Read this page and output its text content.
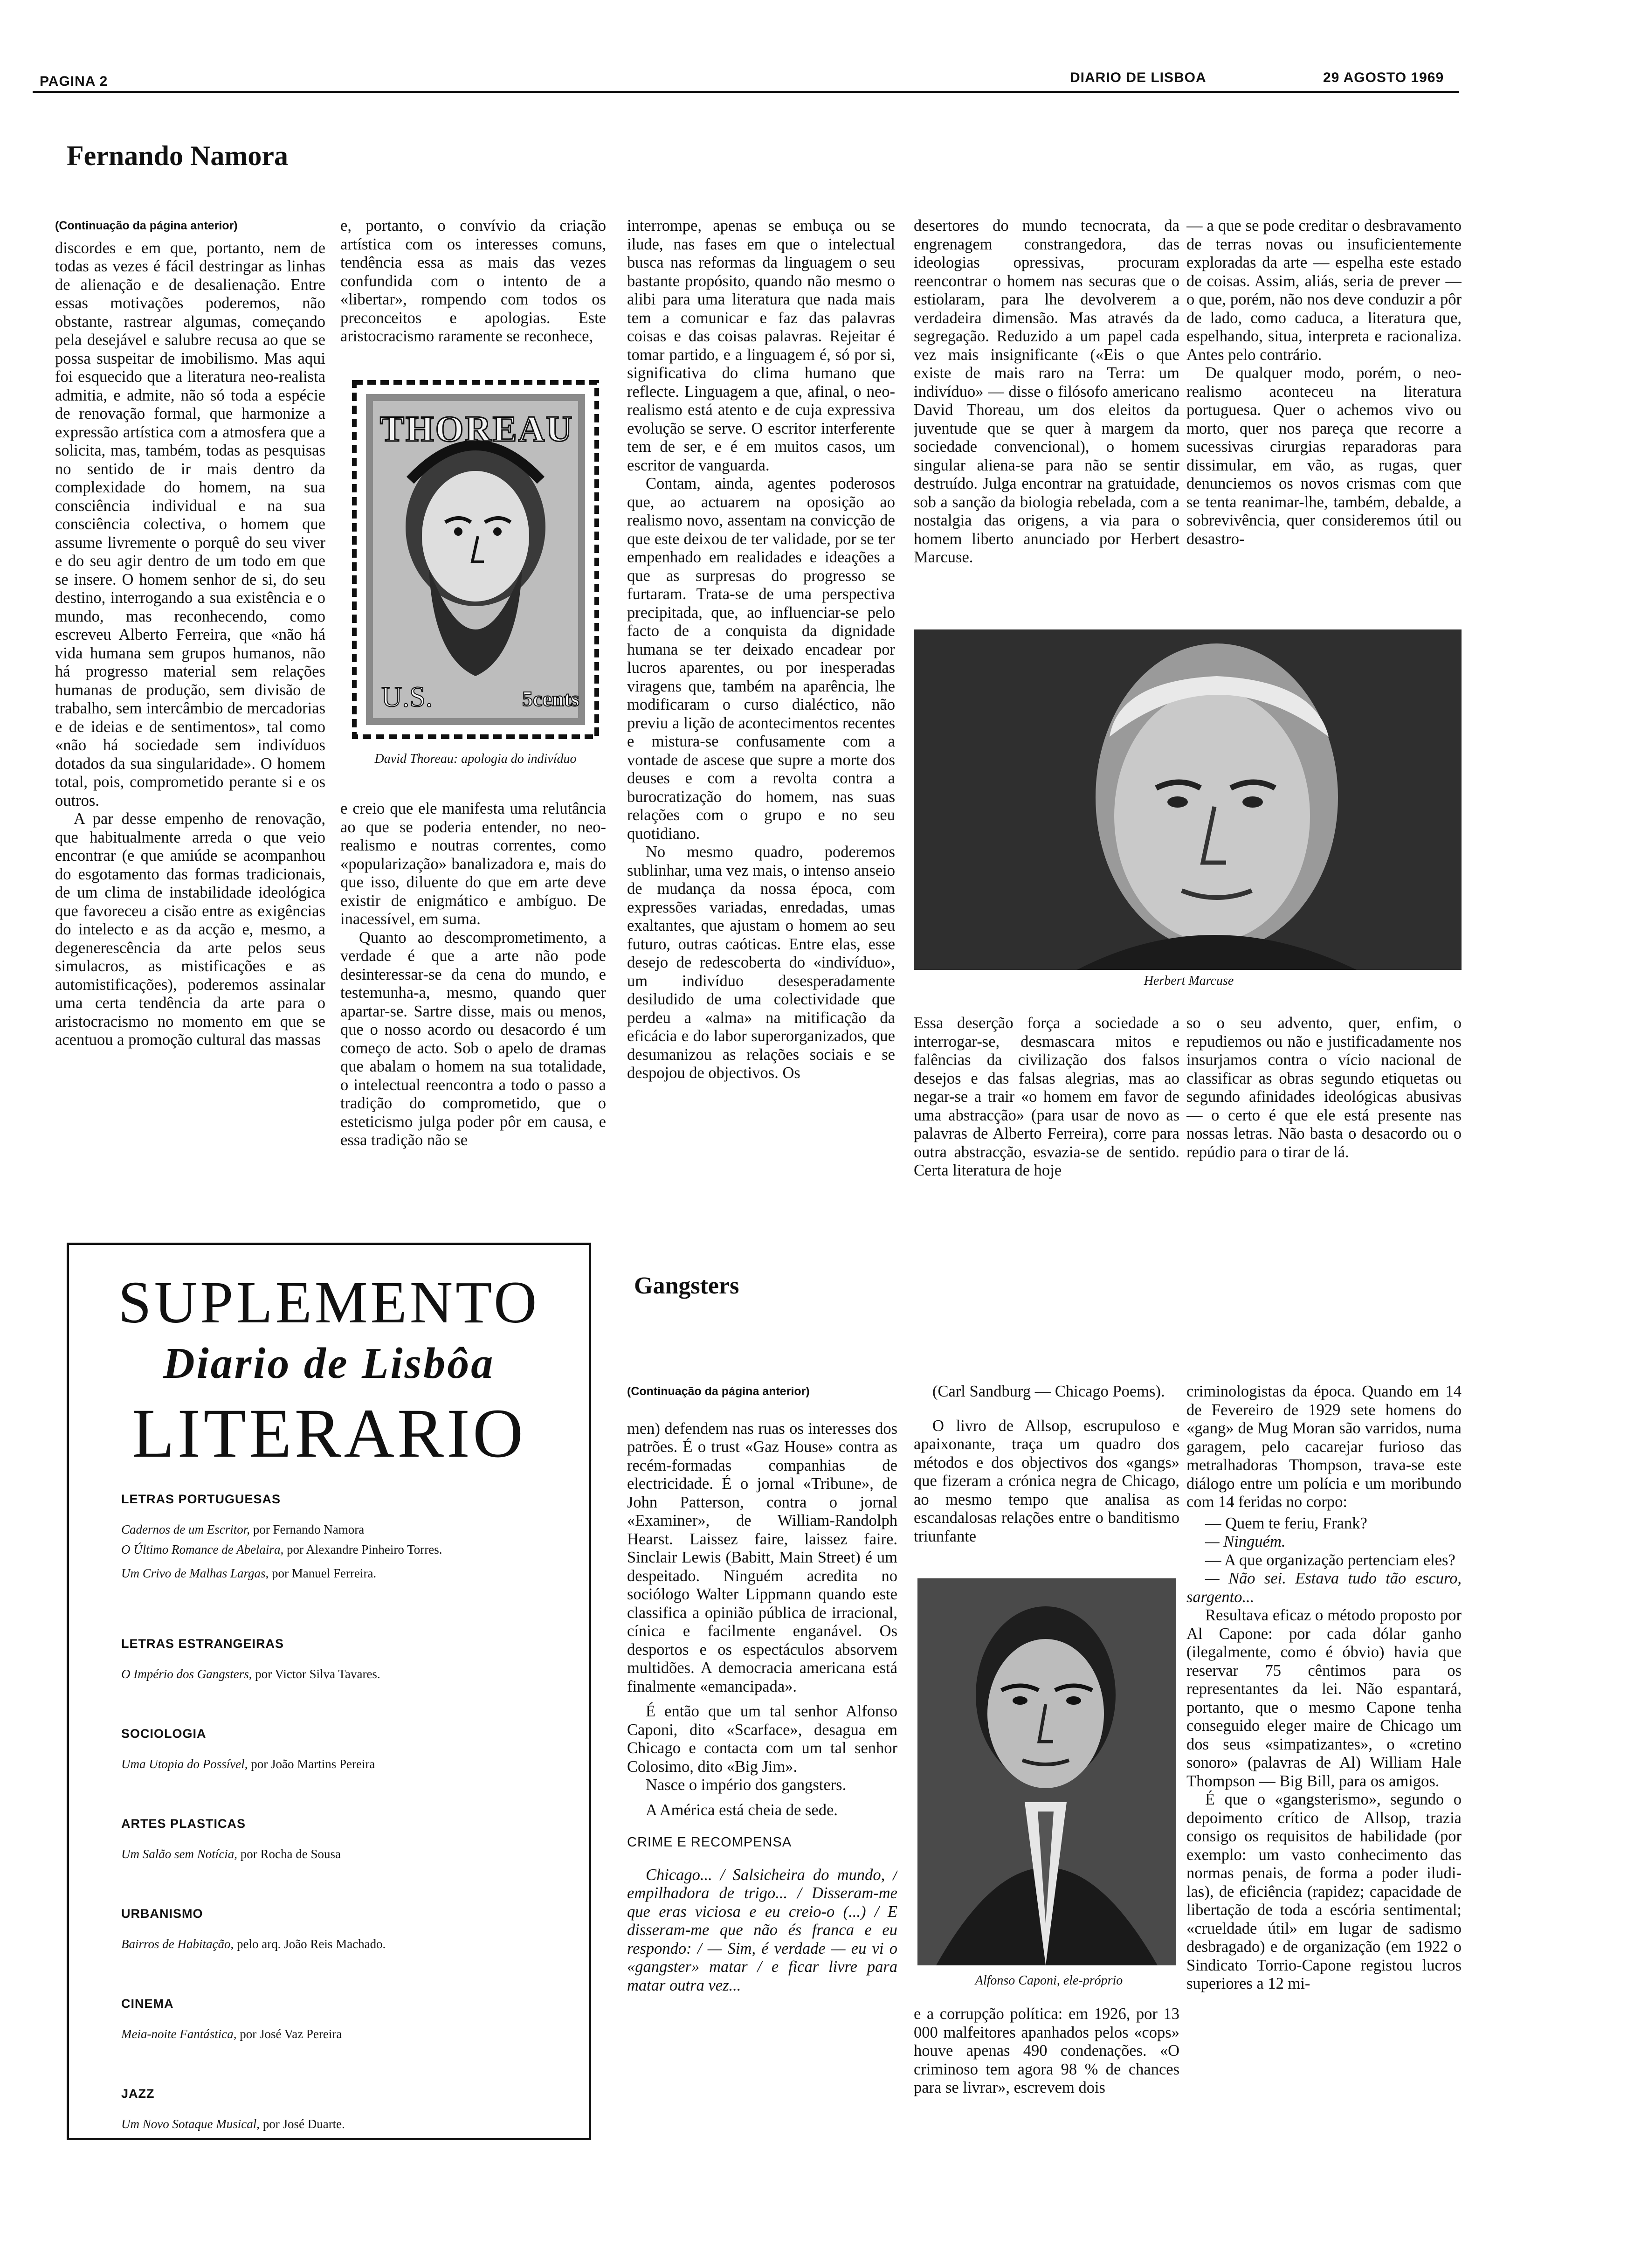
PAGINA 2	DIARIO DE LISBOA	29 AGOSTO 1969
Fernando Namora
(Continuação da página anterior)

discordes e em que, portanto, nem de todas as vezes é fácil destringar as linhas de alienação e de desalienação. Entre essas motivações poderemos, não obstante, rastrear algumas, começando pela desejável e salubre recusa ao que se possa suspeitar de imobilismo. Mas aqui foi esquecido que a literatura neo-realista admitia, e admite, não só toda a espécie de renovação formal, que harmonize a expressão artística com a atmosfera que a solicita, mas, também, todas as pesquisas no sentido de ir mais dentro da complexidade do homem, na sua consciência individual e na sua consciência colectiva, o homem que assume livremente o porquê do seu viver e do seu agir dentro de um todo em que se insere. O homem senhor de si, do seu destino, interrogando a sua existência e o mundo, mas reconhecendo, como escreveu Alberto Ferreira, que «não há vida humana sem grupos humanos, não há progresso material sem relações humanas de produção, sem divisão de trabalho, sem intercâmbio de mercadorias e de ideias e de sentimentos», tal como «não há sociedade sem indivíduos dotados da sua singularidade». O homem total, pois, comprometido perante si e os outros.

A par desse empenho de renovação, que habitualmente arreda o que veio encontrar (e que amiúde se acompanhou do esgotamento das formas tradicionais, de um clima de instabilidade ideológica que favoreceu a cisão entre as exigências do intelecto e as da acção e, mesmo, a degenerescência da arte pelos seus simulacros, as mistificações e as automistificações), poderemos assinalar uma certa tendência da arte para o aristocracismo no momento em que se acentuou a promoção cultural das massas

e, portanto, o convívio da criação artística com os interesses comuns, tendência essa as mais das vezes confundida com o intento de a «libertar», rompendo com todos os preconceitos e apologias. Este aristocracismo raramente se reconhece,

THOREAU
U.S.	5cents
David Thoreau: apologia do indivíduo

e creio que ele manifesta uma relutância ao que se poderia entender, no neo-realismo e noutras correntes, como «popularização» banalizadora e, mais do que isso, diluente do que em arte deve existir de enigmático e ambíguo. De inacessível, em suma.

Quanto ao descomprometimento, a verdade é que a arte não pode desinteressar-se da cena do mundo, e testemunha-a, mesmo, quando quer apartar-se. Sartre disse, mais ou menos, que o nosso acordo ou desacordo é um começo de acto. Sob o apelo de dramas que abalam o homem na sua totalidade, o intelectual reencontra a todo o passo a tradição do comprometido, que o esteticismo julga poder pôr em causa, e essa tradição não se

interrompe, apenas se embuça ou se ilude, nas fases em que o intelectual busca nas reformas da linguagem o seu bastante propósito, quando não mesmo o alibi para uma literatura que nada mais tem a comunicar e faz das palavras coisas e das coisas palavras. Rejeitar é tomar partido, e a linguagem é, só por si, significativa do clima humano que reflecte. Linguagem a que, afinal, o neo-realismo está atento e de cuja expressiva evolução se serve. O escritor interferente tem de ser, e é em muitos casos, um escritor de vanguarda.

Contam, ainda, agentes poderosos que, ao actuarem na oposição ao realismo novo, assentam na convicção de que este deixou de ter validade, por se ter empenhado em realidades e ideações a que as surpresas do progresso se furtaram. Trata-se de uma perspectiva precipitada, que, ao influenciar-se pelo facto de a conquista da dignidade humana se ter deixado encadear por lucros aparentes, ou por inesperadas viragens que, também na aparência, lhe modificaram o curso dialéctico, não previu a lição de acontecimentos recentes e mistura-se confusamente com a vontade de ascese que supre a morte dos deuses e com a revolta contra a burocratização do homem, nas suas relações com o grupo e no seu quotidiano.

No mesmo quadro, poderemos sublinhar, uma vez mais, o intenso anseio de mudança da nossa época, com expressões variadas, enredadas, umas exaltantes, que ajustam o homem ao seu futuro, outras caóticas. Entre elas, esse desejo de redescoberta do «indivíduo», um indivíduo desesperadamente desiludido de uma colectividade que perdeu a «alma» na mitificação da eficácia e do labor superorganizados, que desumanizou as relações sociais e se despojou de objectivos. Os

desertores do mundo tecnocrata, da engrenagem constrangedora, das ideologias opressivas, procuram reencontrar o homem nas securas que o estiolaram, para lhe devolverem a verdadeira dimensão. Mas através da segregação. Reduzido a um papel cada vez mais insignificante («Eis o que existe de mais raro na Terra: um indivíduo» — disse o filósofo americano David Thoreau, um dos eleitos da juventude que se quer à margem da sociedade convencional), o homem singular aliena-se para não se sentir destruído. Julga encontrar na gratuidade, sob a sanção da biologia rebelada, com a nostalgia das origens, a via para o homem liberto anunciado por Herbert Marcuse.

— a que se pode creditar o desbravamento de terras novas ou insuficientemente exploradas da arte — espelha este estado de coisas. Assim, aliás, seria de prever — o que, porém, não nos deve conduzir a pôr de lado, como caduca, a literatura que, espelhando, situa, interpreta e racionaliza. Antes pelo contrário.

De qualquer modo, porém, o neo-realismo aconteceu na literatura portuguesa. Quer o achemos vivo ou morto, quer nos pareça que recorre a sucessivas cirurgias reparadoras para dissimular, em vão, as rugas, quer denunciemos os novos crismas com que se tenta reanimar-lhe, também, debalde, a sobrevivência, quer consideremos útil ou desastro-

Herbert Marcuse

Essa deserção força a sociedade a interrogar-se, desmascara mitos e falências da civilização dos falsos desejos e das falsas alegrias, mas ao negar-se a trair «o homem em favor de uma abstracção» (para usar de novo as palavras de Alberto Ferreira), corre para outra abstracção, esvazia-se de sentido. Certa literatura de hoje

so o seu advento, quer, enfim, o repudiemos ou não e justificadamente nos insurjamos contra o vício nacional de classificar as obras segundo etiquetas ou segundo afinidades ideológicas abusivas — o certo é que ele está presente nas nossas letras. Não basta o desacordo ou o repúdio para o tirar de lá.

SUPLEMENTO
Diario de Lisbôa
LITERARIO
LETRAS PORTUGUESAS
Cadernos de um Escritor, por Fernando Namora
O Último Romance de Abelaira, por Alexandre Pinheiro Torres.
Um Crivo de Malhas Largas, por Manuel Ferreira.
LETRAS ESTRANGEIRAS
O Império dos Gangsters, por Victor Silva Tavares.
SOCIOLOGIA
Uma Utopia do Possível, por João Martins Pereira
ARTES PLASTICAS
Um Salão sem Notícia, por Rocha de Sousa
URBANISMO
Bairros de Habitação, pelo arq. João Reis Machado.
CINEMA
Meia-noite Fantástica, por José Vaz Pereira
JAZZ
Um Novo Sotaque Musical, por José Duarte.
Gangsters
(Continuação da página anterior)

men) defendem nas ruas os interesses dos patrões. É o trust «Gaz House» contra as recém-formadas companhias de electricidade. É o jornal «Tribune», de John Patterson, contra o jornal «Examiner», de William-Randolph Hearst. Laissez faire, laissez faire. Sinclair Lewis (Babitt, Main Street) é um despeitado. Ninguém acredita no sociólogo Walter Lippmann quando este classifica a opinião pública de irracional, cínica e facilmente enganável. Os desportos e os espectáculos absorvem multidões. A democracia americana está finalmente «emancipada».

É então que um tal senhor Alfonso Caponi, dito «Scarface», desagua em Chicago e contacta com um tal senhor Colosimo, dito «Big Jim».

Nasce o império dos gangsters.

A América está cheia de sede.

CRIME E RECOMPENSA

Chicago... / Salsicheira do mundo, / empilhadora de trigo... / Disseram-me que eras viciosa e eu creio-o (...) / E disseram-me que não és franca e eu respondo: / — Sim, é verdade — eu vi o «gangster» matar / e ficar livre para matar outra vez...

(Carl Sandburg — Chicago Poems).

O livro de Allsop, escrupuloso e apaixonante, traça um quadro dos métodos e dos objectivos dos «gangs» que fizeram a crónica negra de Chicago, ao mesmo tempo que analisa as escandalosas relações entre o banditismo triunfante

Alfonso Caponi, ele-próprio

e a corrupção política: em 1926, por 13 000 malfeitores apanhados pelos «cops» houve apenas 490 condenações. «O criminoso tem agora 98 % de chances para se livrar», escrevem dois

criminologistas da época. Quando em 14 de Fevereiro de 1929 sete homens do «gang» de Mug Moran são varridos, numa garagem, pelo cacarejar furioso das metralhadoras Thompson, trava-se este diálogo entre um polícia e um moribundo com 14 feridas no corpo:

— Quem te feriu, Frank?

— Ninguém.

— A que organização pertenciam eles?

— Não sei. Estava tudo tão escuro, sargento...

Resultava eficaz o método proposto por Al Capone: por cada dólar ganho (ilegalmente, como é óbvio) havia que reservar 75 cêntimos para os representantes da lei. Não espantará, portanto, que o mesmo Capone tenha conseguido eleger maire de Chicago um dos seus «simpatizantes», o «cretino sonoro» (palavras de Al) William Hale Thompson — Big Bill, para os amigos.

É que o «gangsterismo», segundo o depoimento crítico de Allsop, trazia consigo os requisitos de habilidade (por exemplo: um vasto conhecimento das normas penais, de forma a poder iludi-las), de eficiência (rapidez; capacidade de libertação de toda a escória sentimental; «crueldade útil» em lugar de sadismo desbragado) e de organização (em 1922 o Sindicato Torrio-Capone registou lucros superiores a 12 mi-
